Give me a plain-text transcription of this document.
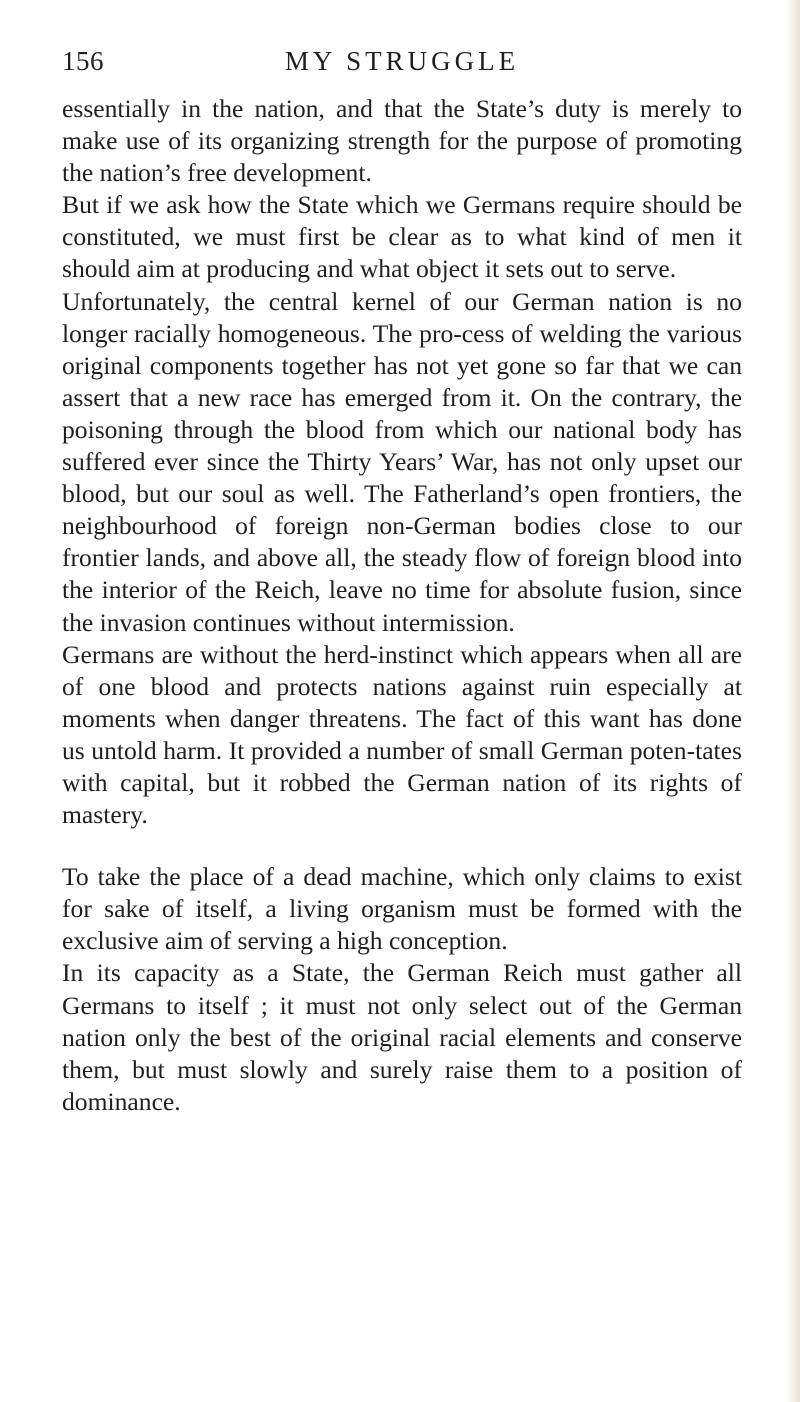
156	MY STRUGGLE

essentially in the nation, and that the State’s duty is merely to make use of its organizing strength for the purpose of promoting the nation’s free development.

But if we ask how the State which we Germans require should be constituted, we must first be clear as to what kind of men it should aim at producing and what object it sets out to serve.

Unfortunately, the central kernel of our German nation is no longer racially homogeneous. The pro-cess of welding the various original components together has not yet gone so far that we can assert that a new race has emerged from it. On the contrary, the poisoning through the blood from which our national body has suffered ever since the Thirty Years’ War, has not only upset our blood, but our soul as well. The Fatherland’s open frontiers, the neighbourhood of foreign non-German bodies close to our frontier lands, and above all, the steady flow of foreign blood into the interior of the Reich, leave no time for absolute fusion, since the invasion continues without intermission.

Germans are without the herd-instinct which appears when all are of one blood and protects nations against ruin especially at moments when danger threatens. The fact of this want has done us untold harm. It provided a number of small German poten-tates with capital, but it robbed the German nation of its rights of mastery.

To take the place of a dead machine, which only claims to exist for sake of itself, a living organism must be formed with the exclusive aim of serving a high conception.

In its capacity as a State, the German Reich must gather all Germans to itself ; it must not only select out of the German nation only the best of the original racial elements and conserve them, but must slowly and surely raise them to a position of dominance.
